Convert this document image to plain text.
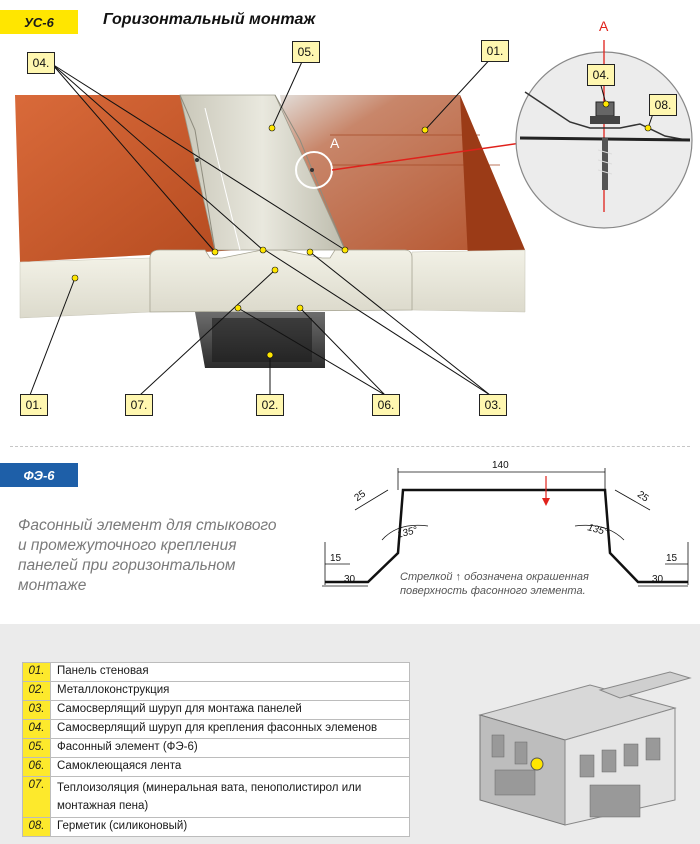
УС-6	Горизонтальный монтаж
A
A
04.
05.	01.
04.
08.
01.	07.	02.	06.	03.
ФЭ-6
Фасонный элемент для стыкового и промежуточного крепления панелей при горизонтальном монтаже
140
25	25
135°	135°
15
30
15
30
Стрелкой ↑ обозначена окрашенная поверхность фасонного элемента.
01.	Панель стеновая
02.	Металлоконструкция
03.	Самосверлящий шуруп для монтажа панелей
04.	Самосверлящий шуруп для крепления фасонных элеменов
05.	Фасонный элемент (ФЭ-6)
06.	Самоклеющаяся лента
07.	Теплоизоляция (минеральная вата, пенополистирол или монтажная пена)
08.	Герметик (силиконовый)
